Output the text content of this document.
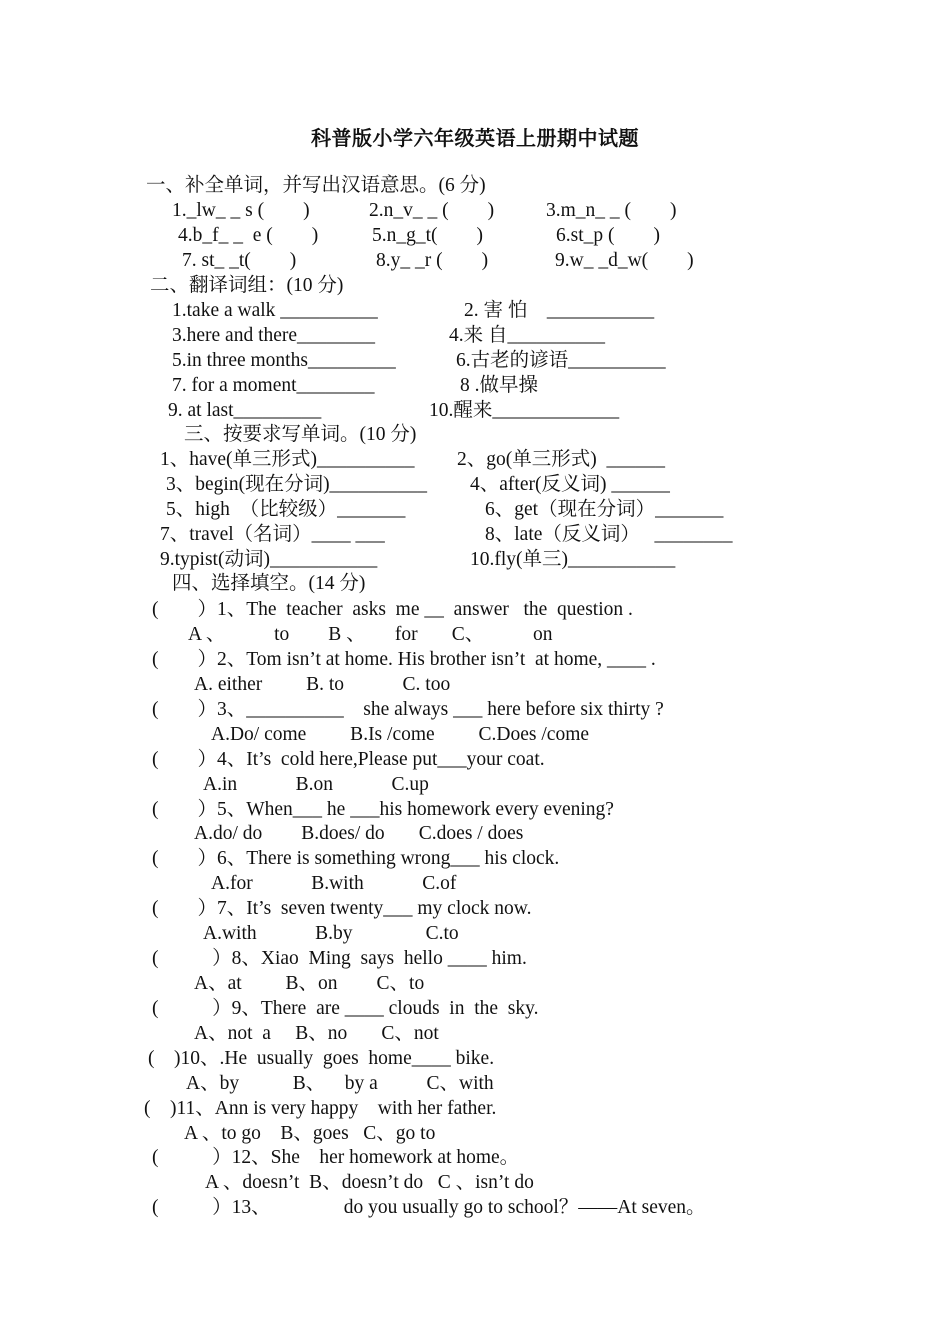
科普版小学六年级英语上册期中试题
一、补全单词，并写出汉语意思。(6 分)
1._lw_ _ s (        )	2.n_v_ _ (        )	3.m_n_ _ (        )
4.b_f_ _  e (        )	5.n_g_t(        )	6.st_p (        )
7. st_ _t(        )	8.y_ _r (        )	9.w_ _d_w(        )
二、翻译词组：(10 分)
1.take a walk __________	2. 害 怕    ___________
3.here and there________	4.来 自__________
5.in three months_________	6.古老的谚语__________
7. for a moment________	8 .做早操
9. at last_________	10.醒来_____________
三、按要求写单词。(10 分)
1、have(单三形式)__________ 2、go(单三形式)  ______
3、begin(现在分词)__________ 4、after(反义词) ______
5、high  （比较级）_______	6、get（现在分词）_______
7、travel（名词）____ ___	8、late（反义词）   ________
9.typist(动词)___________	10.fly(单三)___________
四、选择填空。(14 分)
(        ）1、The  teacher  asks  me __  answer   the  question .
A 、          to        B 、      for       C、          on
(        ）2、Tom isn’t at home. His brother isn’t  at home, ____ .
A. either         B. to            C. too
(        ）3、__________    she always ___ here before six thirty ?
A.Do/ come         B.Is /come         C.Does /come
(        ）4、It’s  cold here,Please put___your coat.
A.in            B.on            C.up
(        ）5、When___ he ___his homework every evening?
A.do/ do        B.does/ do       C.does / does
(        ）6、There is something wrong___ his clock.
A.for            B.with            C.of
(        ）7、It’s  seven twenty___ my clock now.
A.with            B.by               C.to
(           ）8、Xiao  Ming  says  hello ____ him.
A、at         B、on        C、to
(           ）9、There  are ____ clouds  in  the  sky.
A、not  a     B、no       C、not
(    )10、.He  usually  goes  home____ bike.
A、by           B、    by a          C、with
(    )11、Ann is very happy    with her father.
A 、to go    B、goes   C、go to
(           ）12、She    her homework at home。
A 、doesn’t  B、doesn’t do   C 、isn’t do
(           ）13、               do you usually go to school？——At seven。
